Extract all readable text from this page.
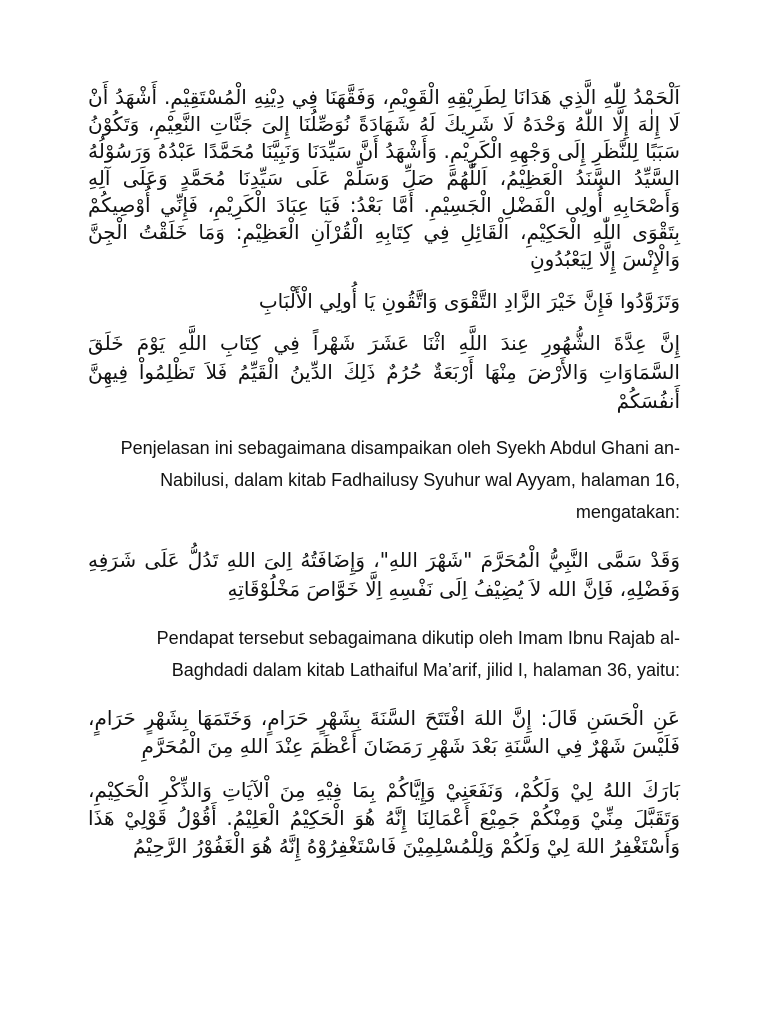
اَلْحَمْدُ لِلّٰهِ الَّذِي هَدَانَا لِطَرِيْقِهِ الْقَوِيْمِ، وَفَقَّهَنَا فِي دِيْنِهِ الْمُسْتَقِيْمِ. أَشْهَدُ أَنْ لَا إِلٰهَ إِلَّا اللّٰهُ وَحْدَهُ لَا شَرِيكَ لَهُ شَهَادَةً نُوَصِّلُنَا إِلىَ جَنَّاتِ النَّعِيْمِ، وَتَكُوْنُ سَبَبًا لِلنَّظَرِ إِلَى وَجْهِهِ الْكَرِيْمِ. وَأَشْهَدُ أَنَّ سَيِّدَنَا وَنَبِيَّنَا مُحَمَّدًا عَبْدُهُ وَرَسُوْلُهُ السَّيِّدُ السَّنَدُ الْعَظِيْمُ، اَللّٰهُمَّ صَلِّ وَسَلِّمْ عَلَى سَيِّدِنَا مُحَمَّدٍ وَعَلَى آلِهِ وَأَصْحَابِهِ أُولِى الْفَضْلِ الْجَسِيْمِ. أَمَّا بَعْدُ: فَيَا عِبَادَ الْكَرِيْمِ، فَإِنِّي أُوْصِيكُمْ بِتَقْوَى اللّٰهِ الْحَكِيْمِ، الْقَائِلِ فِي كِتَابِهِ الْقُرْآنِ الْعَظِيْمِ: وَمَا خَلَقْتُ الْجِنَّ وَالْإِنْسَ إِلَّا لِيَعْبُدُونِ

وَتَزَوَّدُوا فَإِنَّ خَيْرَ الزَّادِ التَّقْوَى وَاتَّقُونِ يَا أُولِي الْأَلْبَابِ

إِنَّ عِدَّةَ الشُّهُورِ عِندَ اللَّهِ اثْنَا عَشَرَ شَهْراً فِي كِتَابِ اللَّهِ يَوْمَ خَلَقَ السَّمَاوَاتِ وَالأَرْضَ مِنْهَا أَرْبَعَةٌ حُرُمٌ ذَلِكَ الدِّينُ الْقَيِّمُ فَلاَ تَظْلِمُواْ فِيهِنَّ أَنفُسَكُمْ

Penjelasan ini sebagaimana disampaikan oleh Syekh Abdul Ghani an-Nabilusi, dalam kitab Fadhailusy Syuhur wal Ayyam, halaman 16, mengatakan:

وَقَدْ سَمَّى النَّبِيُّ الْمُحَرَّمَ "شَهْرَ اللهِ"، وَإِضَافَتُهُ اِلىَ اللهِ تَدُلُّ عَلَى شَرَفِهِ وَفَضْلِهِ، فَاِنَّ الله لاَ يُضِيْفُ اِلَى نَفْسِهِ اِلَّا خَوَّاصَ مَخْلُوْقَاتِهِ

Pendapat tersebut sebagaimana dikutip oleh Imam Ibnu Rajab al-Baghdadi dalam kitab Lathaiful Ma’arif, jilid I, halaman 36, yaitu:

عَنِ الْحَسَنِ قَالَ: إِنَّ اللهَ افْتَتَحَ السَّنَةَ بِشَهْرٍ حَرَامٍ، وَخَتَمَهَا بِشَهْرٍ حَرَامٍ، فَلَيْسَ شَهْرٌ فِي السَّنَةِ بَعْدَ شَهْرِ رَمَضَانَ أَعْظَمَ عِنْدَ اللهِ مِنَ الْمُحَرَّمِ

بَارَكَ اللهُ لِيْ وَلَكُمْ، وَنَفَعَنِيْ وَإِيَّاكُمْ بِمَا فِيْهِ مِنَ اْلآيَاتِ وَالذِّكْرِ الْحَكِيْمِ، وَتَقَبَّلَ مِنِّيْ وَمِنْكُمْ جَمِيْعَ أَعْمَالِنَا إِنَّهُ هُوَ الْحَكِيْمُ الْعَلِيْمُ. أَقُوْلُ قَوْلِيْ هَذَا وَأَسْتَغْفِرُ اللهَ لِيْ وَلَكُمْ وَلِلْمُسْلِمِيْنَ فَاسْتَغْفِرُوْهُ إِنَّهُ هُوَ الْغَفُوْرُ الرَّحِيْمُ
